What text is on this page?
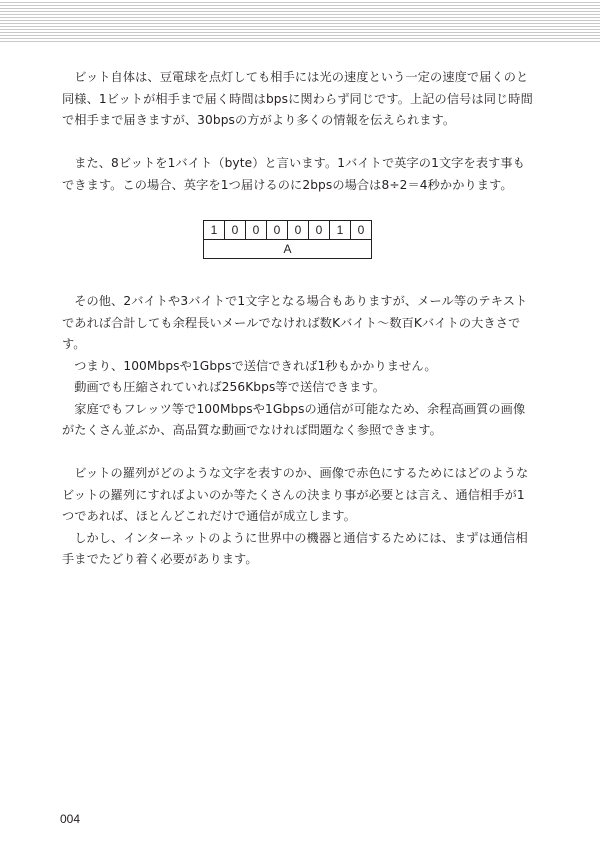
ビット自体は、豆電球を点灯しても相手には光の速度という一定の速度で届くのと同様、1ビットが相手まで届く時間はbpsに関わらず同じです。上記の信号は同じ時間で相手まで届きますが、30bpsの方がより多くの情報を伝えられます。

また、8ビットを1バイト（byte）と言います。1バイトで英字の1文字を表す事もできます。この場合、英字を1つ届けるのに2bpsの場合は8÷2＝4秒かかります。

1	0	0	0	0	0	1	0
A

その他、2バイトや3バイトで1文字となる場合もありますが、メール等のテキストであれば合計しても余程長いメールでなければ数Kバイト～数百Kバイトの大きさです。

つまり、100Mbpsや1Gbpsで送信できれば1秒もかかりません。

動画でも圧縮されていれば256Kbps等で送信できます。

家庭でもフレッツ等で100Mbpsや1Gbpsの通信が可能なため、余程高画質の画像がたくさん並ぶか、高品質な動画でなければ問題なく参照できます。

ビットの羅列がどのような文字を表すのか、画像で赤色にするためにはどのようなビットの羅列にすればよいのか等たくさんの決まり事が必要とは言え、通信相手が1つであれば、ほとんどこれだけで通信が成立します。

しかし、インターネットのように世界中の機器と通信するためには、まずは通信相手までたどり着く必要があります。

004
